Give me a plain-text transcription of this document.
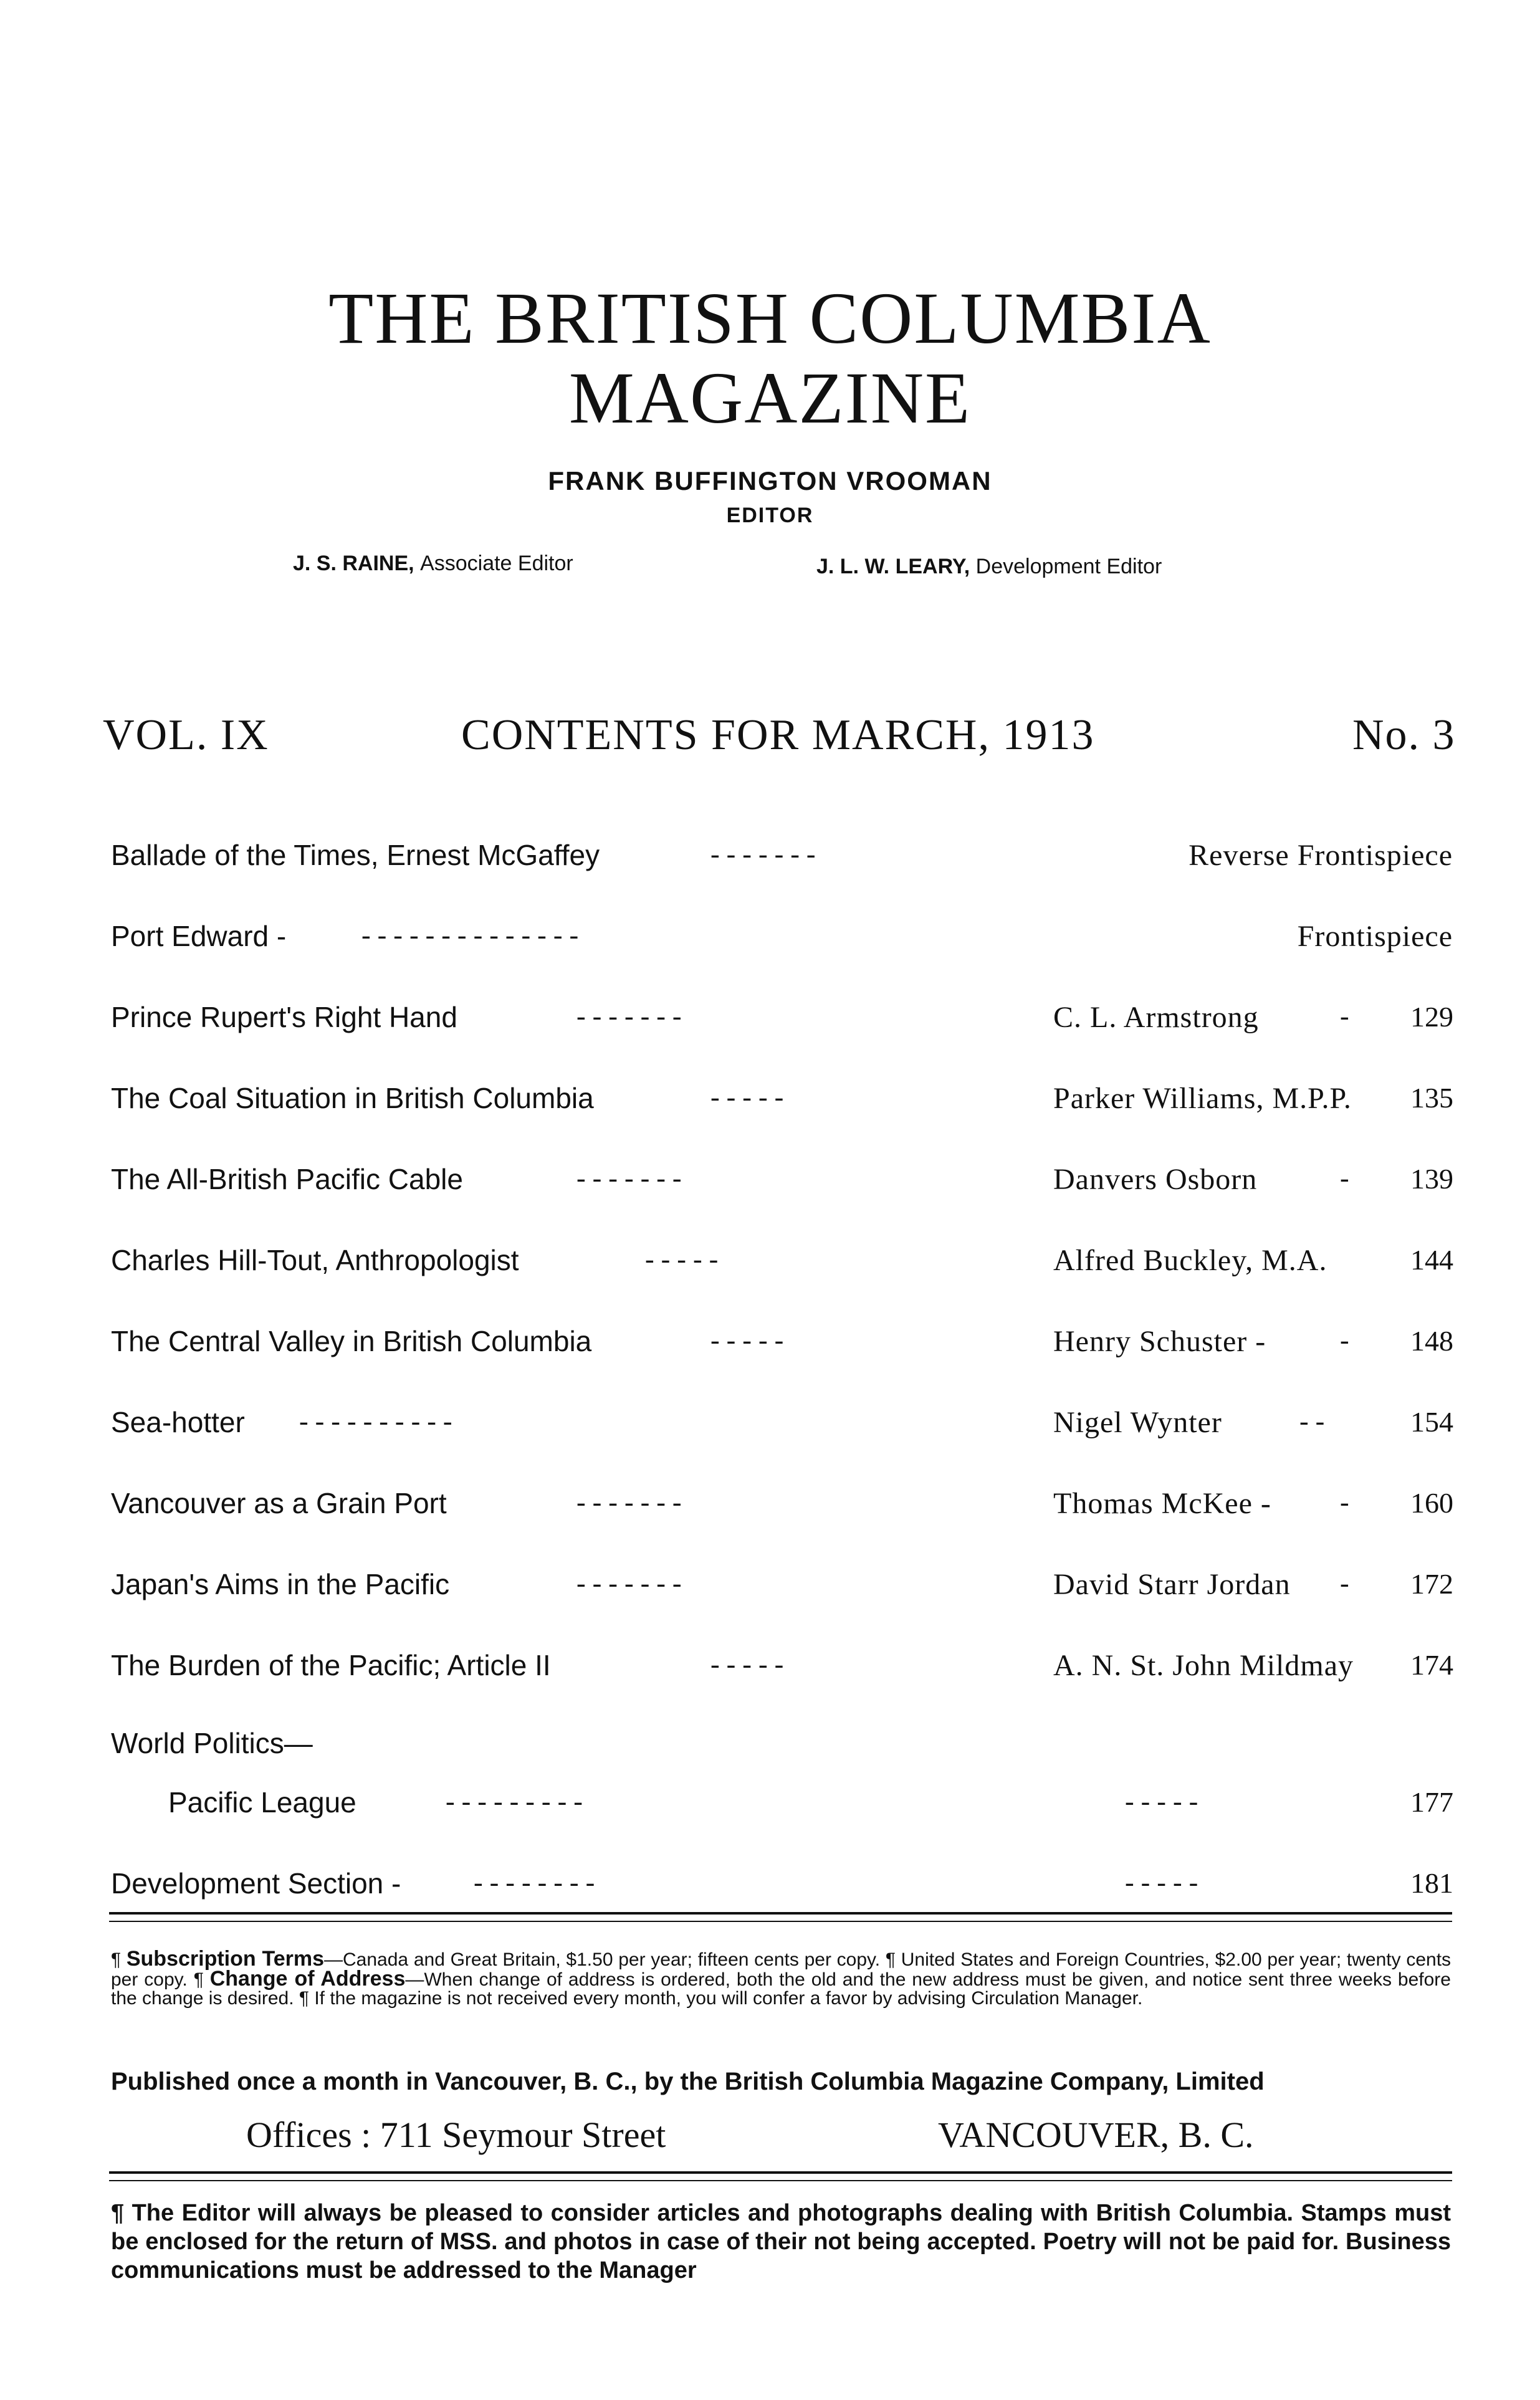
THE BRITISH COLUMBIA
MAGAZINE
FRANK BUFFINGTON VROOMAN
EDITOR
J. S. RAINE, Associate Editor	J. L. W. LEARY, Development Editor
VOL. IX	CONTENTS FOR MARCH, 1913	No. 3
Ballade of the Times, Ernest McGaffey	- - - - - - -	Reverse Frontispiece
Port Edward -	- - - - - - - - - - - - - -	Frontispiece
Prince Rupert's Right Hand	- - - - - - -	C. L. Armstrong	-	129
The Coal Situation in British Columbia	- - - - -	Parker Williams, M.P.P.	135
The All-British Pacific Cable	- - - - - - -	Danvers Osborn	-	139
Charles Hill-Tout, Anthropologist	- - - - -	Alfred Buckley, M.A.	144
The Central Valley in British Columbia	- - - - -	Henry Schuster -	-	148
Sea-hotter - - - - - - - - - -	Nigel Wynter	- -	154
Vancouver as a Grain Port	- - - - - - -	Thomas McKee -	-	160
Japan's Aims in the Pacific	- - - - - - -	David Starr Jordan -	172
The Burden of the Pacific; Article II	- - - - -	A. N. St. John Mildmay	174
World Politics—
Pacific League	- - - - - - - - -	- - - - -	177
Development Section -	- - - - - - - -	- - - - -	181
¶ Subscription Terms—Canada and Great Britain, $1.50 per year; fifteen cents per copy. ¶ United States and Foreign Countries, $2.00 per year; twenty cents per copy. ¶ Change of Address—When change of address is ordered, both the old and the new address must be given, and notice sent three weeks before the change is desired. ¶ If the magazine is not received every month, you will confer a favor by advising Circulation Manager.
Published once a month in Vancouver, B. C., by the British Columbia Magazine Company, Limited
Offices : 711 Seymour Street	VANCOUVER, B. C.
¶ The Editor will always be pleased to consider articles and photographs dealing with British Columbia. Stamps must be enclosed for the return of MSS. and photos in case of their not being accepted. Poetry will not be paid for. Business communications must be addressed to the Manager
